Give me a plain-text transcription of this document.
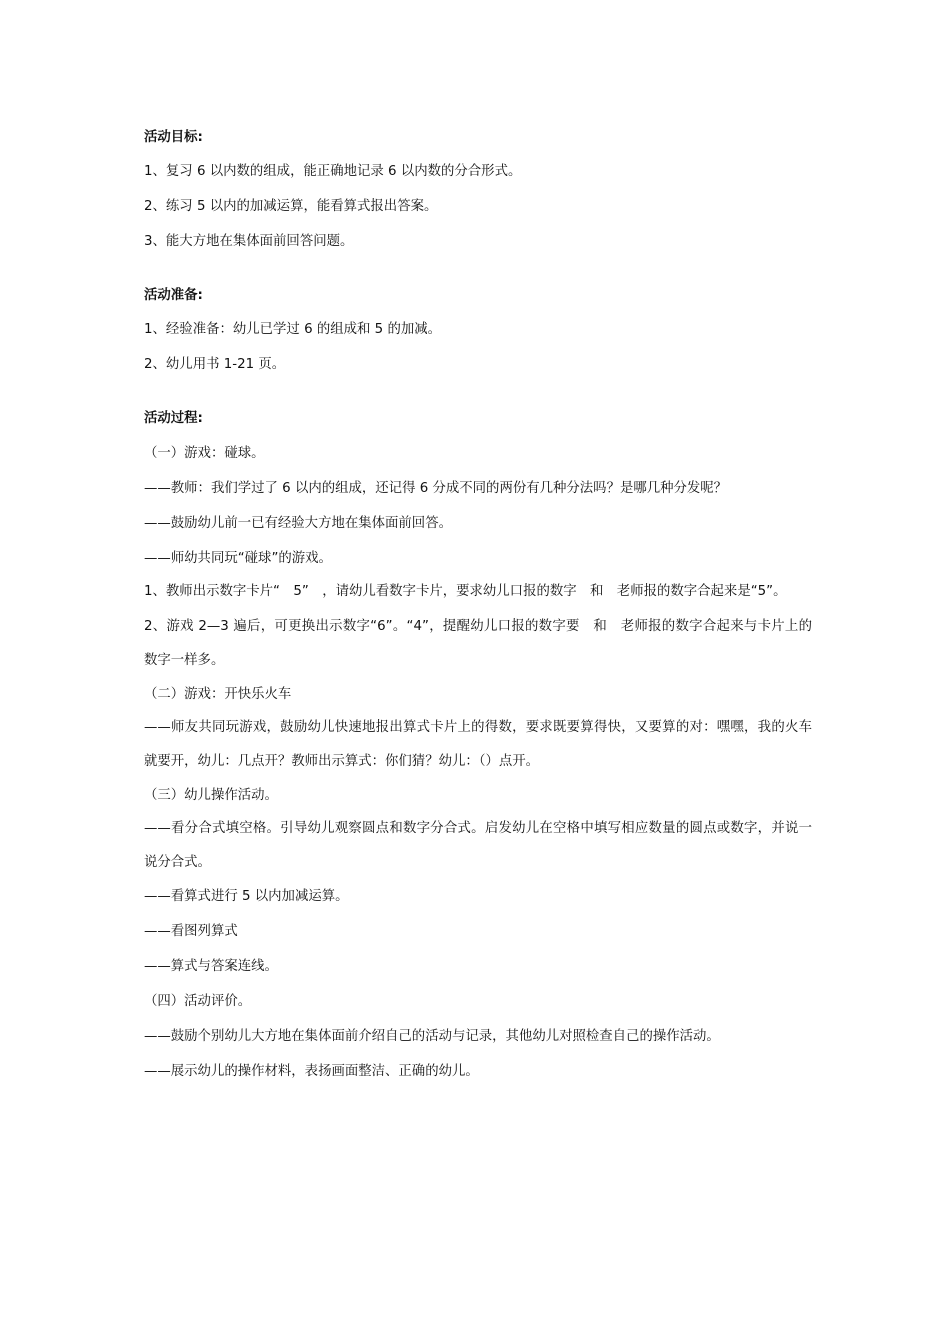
活动目标:

1、复习 6 以内数的组成，能正确地记录 6 以内数的分合形式。

2、练习 5 以内的加减运算，能看算式报出答案。

3、能大方地在集体面前回答问题。

活动准备:

1、经验准备：幼儿已学过 6 的组成和 5 的加减。

2、幼儿用书 1-21 页。

活动过程:

（一）游戏：碰球。

——教师：我们学过了 6 以内的组成，还记得 6 分成不同的两份有几种分法吗？是哪几种分发呢？

——鼓励幼儿前一已有经验大方地在集体面前回答。

——师幼共同玩“碰球”的游戏。

1、教师出示数字卡片“　5”　，请幼儿看数字卡片，要求幼儿口报的数字　和　老师报的数字合起来是“5”。

2、游戏 2—3 遍后，可更换出示数字“6”。“4”，提醒幼儿口报的数字要　和　老师报的数字合起来与卡片上的数字一样多。

（二）游戏：开快乐火车

——师友共同玩游戏，鼓励幼儿快速地报出算式卡片上的得数，要求既要算得快，又要算的对：嘿嘿，我的火车就要开，幼儿：几点开？教师出示算式：你们猜？幼儿：（）点开。

（三）幼儿操作活动。

——看分合式填空格。引导幼儿观察圆点和数字分合式。启发幼儿在空格中填写相应数量的圆点或数字，并说一说分合式。

——看算式进行 5 以内加减运算。

——看图列算式

——算式与答案连线。

（四）活动评价。

——鼓励个别幼儿大方地在集体面前介绍自己的活动与记录，其他幼儿对照检查自己的操作活动。

——展示幼儿的操作材料，表扬画面整洁、正确的幼儿。
